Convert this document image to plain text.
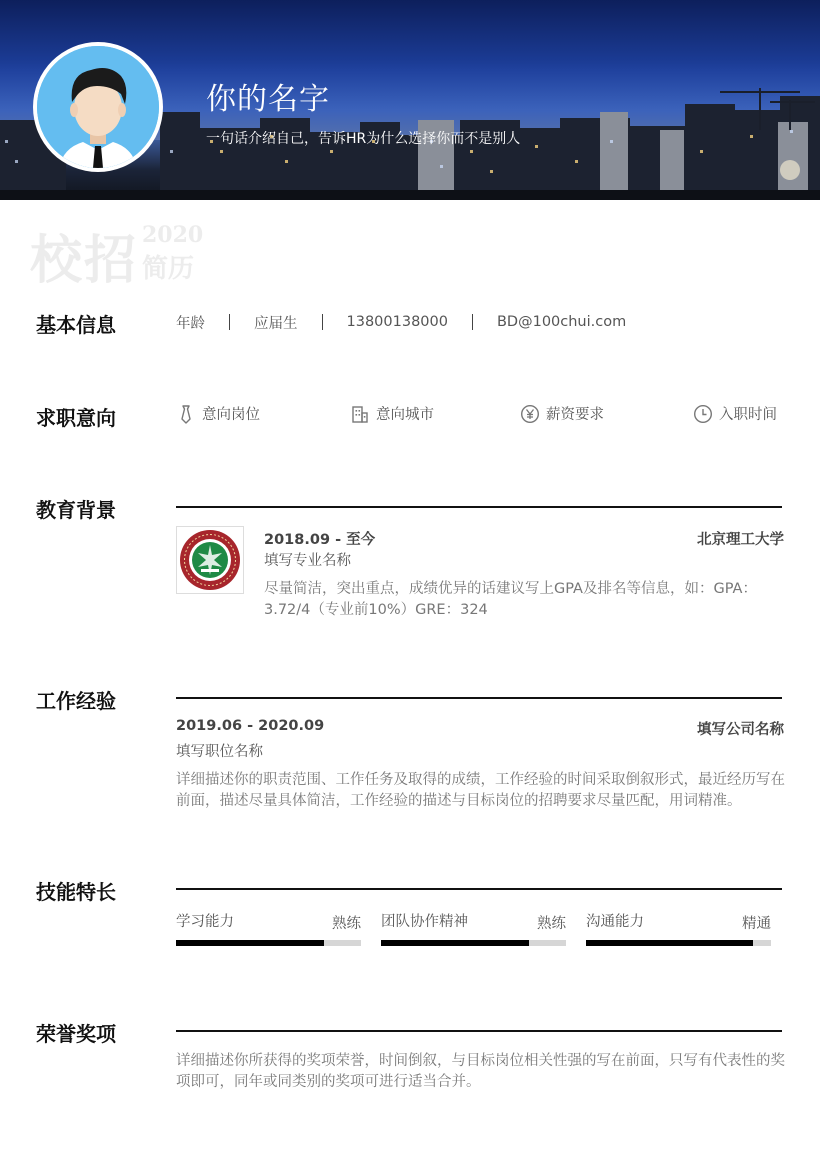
你的名字
一句话介绍自己，告诉HR为什么选择你而不是别人
校招 2020
简历
基本信息	年龄	应届生	13800138000	BD@100chui.com
求职意向	意向岗位	意向城市	薪资要求	入职时间
教育背景
2018.09 - 至今	北京理工大学
填写专业名称
尽量简洁，突出重点，成绩优异的话建议写上GPA及排名等信息，如：GPA：3.72/4（专业前10%）GRE：324
工作经验
2019.06 - 2020.09	填写公司名称
填写职位名称
详细描述你的职责范围、工作任务及取得的成绩，工作经验的时间采取倒叙形式，最近经历写在前面，描述尽量具体简洁，工作经验的描述与目标岗位的招聘要求尽量匹配，用词精准。
技能特长
学习能力	熟练 团队协作精神	熟练 沟通能力	精通
荣誉奖项
详细描述你所获得的奖项荣誉，时间倒叙，与目标岗位相关性强的写在前面，只写有代表性的奖项即可，同年或同类别的奖项可进行适当合并。
